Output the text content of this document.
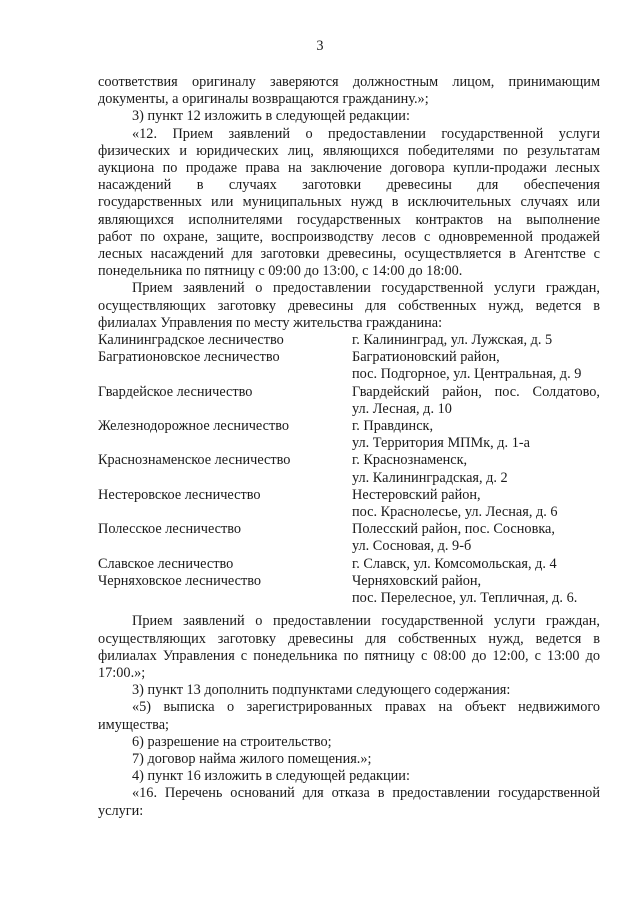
3

соответствия оригиналу заверяются должностным лицом, принимающим
документы, а оригиналы возвращаются гражданину.»;

3) пункт 12 изложить в следующей редакции:

«12. Прием заявлений о предоставлении государственной услуги
физических и юридических лиц, являющихся победителями по результатам
аукциона по продаже права на заключение договора купли-продажи лесных
насаждений в случаях заготовки древесины для обеспечения
государственных или муниципальных нужд в исключительных случаях или
являющихся исполнителями государственных контрактов на выполнение
работ по охране, защите, воспроизводству лесов с одновременной продажей
лесных насаждений для заготовки древесины, осуществляется в Агентстве с
понедельника по пятницу с 09:00 до 13:00, с 14:00 до 18:00.

Прием заявлений о предоставлении государственной услуги граждан,
осуществляющих заготовку древесины для собственных нужд, ведется в
филиалах Управления по месту жительства гражданина:

Калининградское лесничество	г. Калининград, ул. Лужская, д. 5
Багратионовское лесничество	Багратионовский район,
пос. Подгорное, ул. Центральная, д. 9
Гвардейское лесничество	Гвардейский район, пос. Солдатово,
ул. Лесная, д. 10
Железнодорожное лесничество	г. Правдинск,
ул. Территория МПМк, д. 1-а
Краснознаменское лесничество	г. Краснознаменск,
ул. Калининградская, д. 2
Нестеровское лесничество	Нестеровский район,
пос. Краснолесье, ул. Лесная, д. 6
Полесское лесничество	Полесский район, пос. Сосновка,
ул. Сосновая, д. 9-б
Славское лесничество	г. Славск, ул. Комсомольская, д. 4
Черняховское лесничество	Черняховский район,
пос. Перелесное, ул. Тепличная, д. 6.

Прием заявлений о предоставлении государственной услуги граждан,
осуществляющих заготовку древесины для собственных нужд, ведется в
филиалах Управления с понедельника по пятницу с 08:00 до 12:00, с 13:00 до
17:00.»;

3) пункт 13 дополнить подпунктами следующего содержания:

«5) выписка о зарегистрированных правах на объект недвижимого
имущества;

6) разрешение на строительство;

7) договор найма жилого помещения.»;

4) пункт 16 изложить в следующей редакции:

«16. Перечень оснований для отказа в предоставлении государственной
услуги:
